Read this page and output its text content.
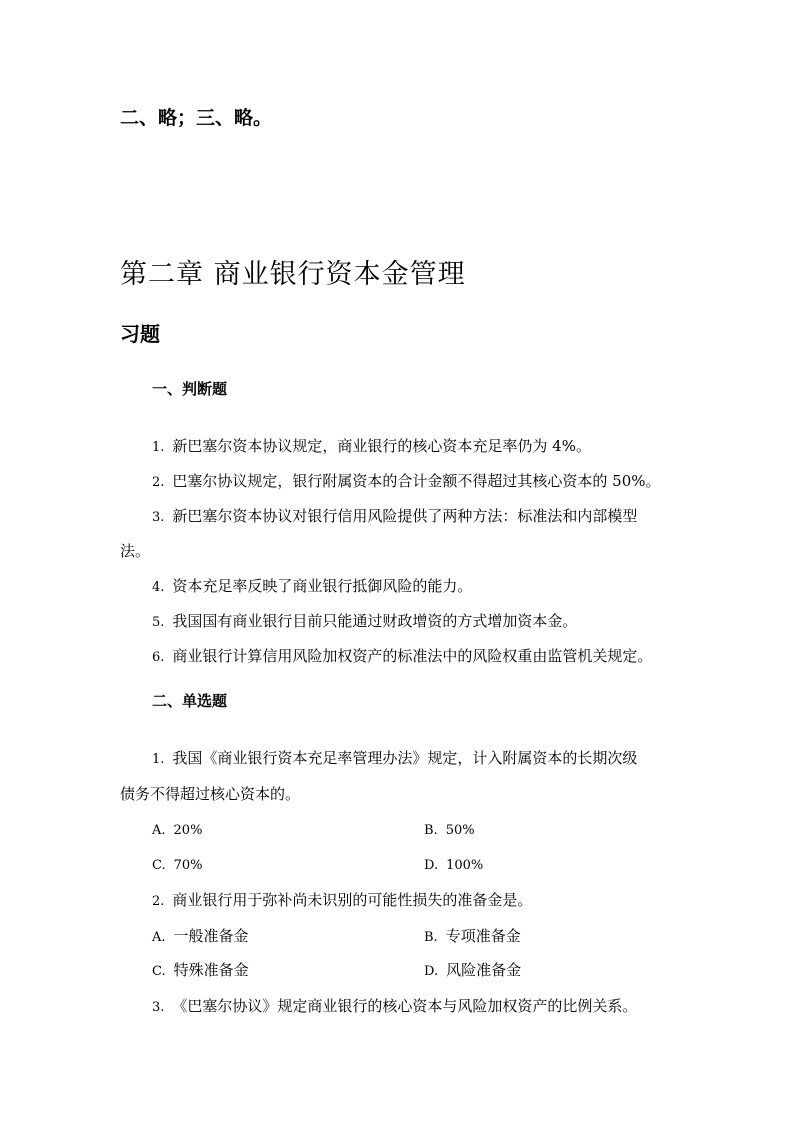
二、略；三、略。
第二章 商业银行资本金管理
习题
一、判断题
1. 新巴塞尔资本协议规定，商业银行的核心资本充足率仍为 4%。
2. 巴塞尔协议规定，银行附属资本的合计金额不得超过其核心资本的 50%。
3. 新巴塞尔资本协议对银行信用风险提供了两种方法：标准法和内部模型
法。
4. 资本充足率反映了商业银行抵御风险的能力。
5. 我国国有商业银行目前只能通过财政增资的方式增加资本金。
6. 商业银行计算信用风险加权资产的标准法中的风险权重由监管机关规定。
二、单选题
1. 我国《商业银行资本充足率管理办法》规定，计入附属资本的长期次级
债务不得超过核心资本的。
A. 20%	B. 50%
C. 70%	D. 100%
2. 商业银行用于弥补尚未识别的可能性损失的准备金是。
A. 一般准备金	B. 专项准备金
C. 特殊准备金	D. 风险准备金
3. 《巴塞尔协议》规定商业银行的核心资本与风险加权资产的比例关系。
